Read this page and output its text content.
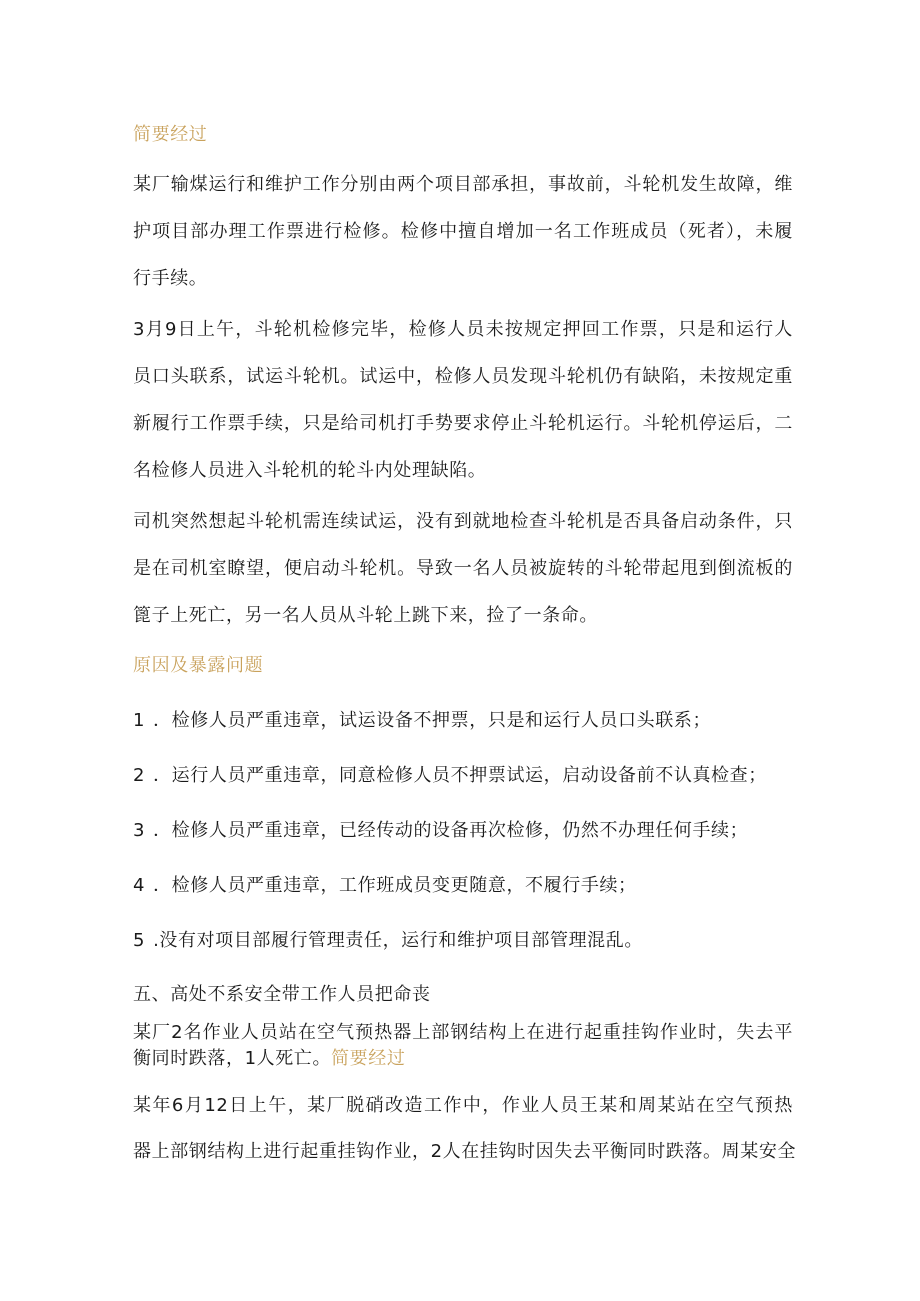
简要经过
某厂输煤运行和维护工作分别由两个项目部承担，事故前，斗轮机发生故障，维
护项目部办理工作票进行检修。检修中擅自增加一名工作班成员（死者），未履
行手续。
3月9日上午，斗轮机检修完毕，检修人员未按规定押回工作票，只是和运行人
员口头联系，试运斗轮机。试运中，检修人员发现斗轮机仍有缺陷，未按规定重
新履行工作票手续，只是给司机打手势要求停止斗轮机运行。斗轮机停运后，二
名检修人员进入斗轮机的轮斗内处理缺陷。
司机突然想起斗轮机需连续试运，没有到就地检查斗轮机是否具备启动条件，只
是在司机室瞭望，便启动斗轮机。导致一名人员被旋转的斗轮带起甩到倒流板的
篦子上死亡，另一名人员从斗轮上跳下来，捡了一条命。
原因及暴露问题
1 ．检修人员严重违章，试运设备不押票，只是和运行人员口头联系；
2 ．运行人员严重违章，同意检修人员不押票试运，启动设备前不认真检查；
3 ．检修人员严重违章，已经传动的设备再次检修，仍然不办理任何手续；
4 ．检修人员严重违章，工作班成员变更随意，不履行手续；
5 .没有对项目部履行管理责任，运行和维护项目部管理混乱。
五、高处不系安全带工作人员把命丧
某厂2名作业人员站在空气预热器上部钢结构上在进行起重挂钩作业时，失去平
衡同时跌落，1人死亡。简要经过
某年6月12日上午，某厂脱硝改造工作中，作业人员王某和周某站在空气预热
器上部钢结构上进行起重挂钩作业，2人在挂钩时因失去平衡同时跌落。周某安全
